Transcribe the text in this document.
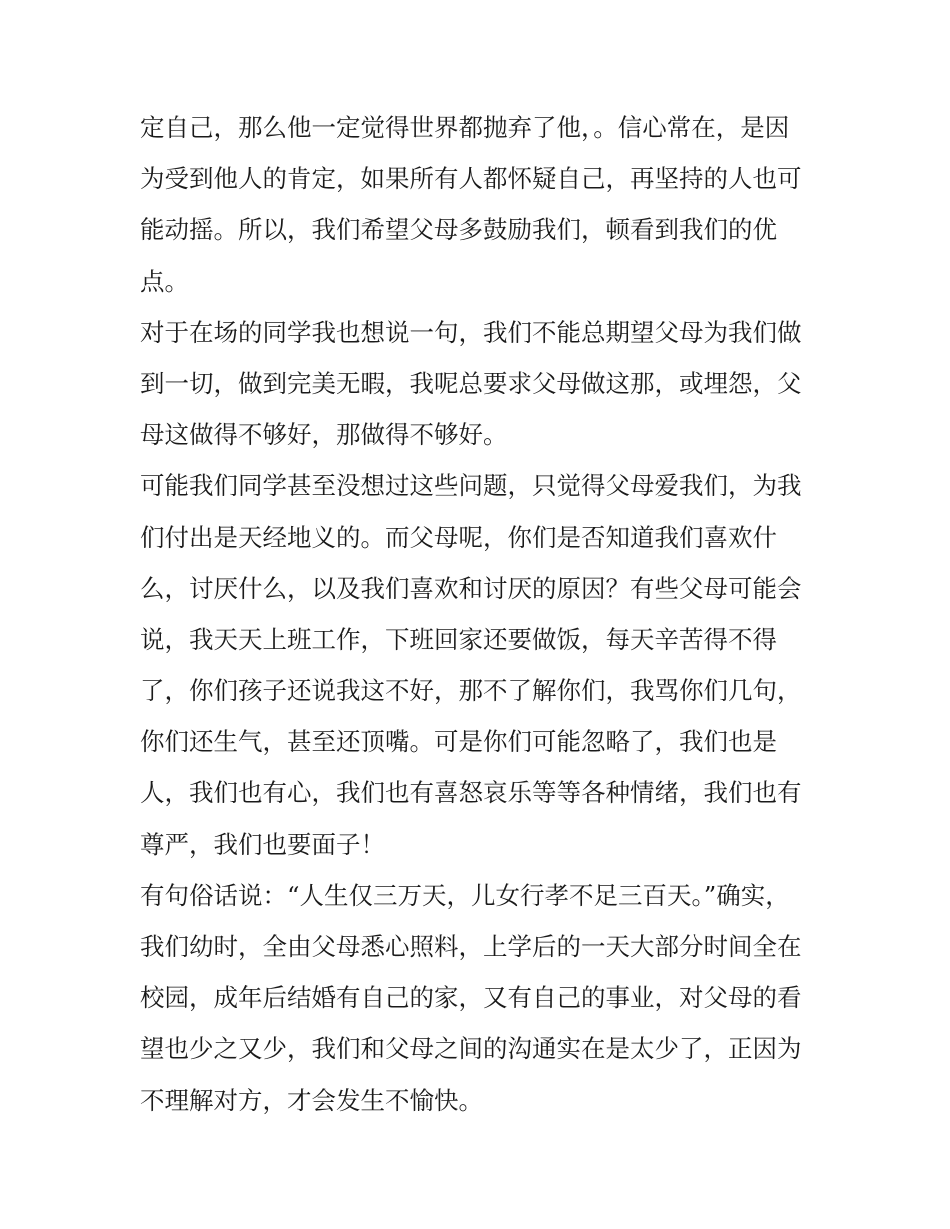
定自己，那么他一定觉得世界都抛弃了他，。信心常在，是因
为受到他人的肯定，如果所有人都怀疑自己，再坚持的人也可
能动摇。所以，我们希望父母多鼓励我们，顿看到我们的优
点。

对于在场的同学我也想说一句，我们不能总期望父母为我们做
到一切，做到完美无暇，我呢总要求父母做这那，或埋怨，父
母这做得不够好，那做得不够好。

可能我们同学甚至没想过这些问题，只觉得父母爱我们，为我
们付出是天经地义的。而父母呢，你们是否知道我们喜欢什
么，讨厌什么，以及我们喜欢和讨厌的原因？有些父母可能会
说，我天天上班工作，下班回家还要做饭，每天辛苦得不得
了，你们孩子还说我这不好，那不了解你们，我骂你们几句，
你们还生气，甚至还顶嘴。可是你们可能忽略了，我们也是
人，我们也有心，我们也有喜怒哀乐等等各种情绪，我们也有
尊严，我们也要面子！

有句俗话说：“人生仅三万天，儿女行孝不足三百天。”确实，
我们幼时，全由父母悉心照料，上学后的一天大部分时间全在
校园，成年后结婚有自己的家，又有自己的事业，对父母的看
望也少之又少，我们和父母之间的沟通实在是太少了，正因为
不理解对方，才会发生不愉快。
